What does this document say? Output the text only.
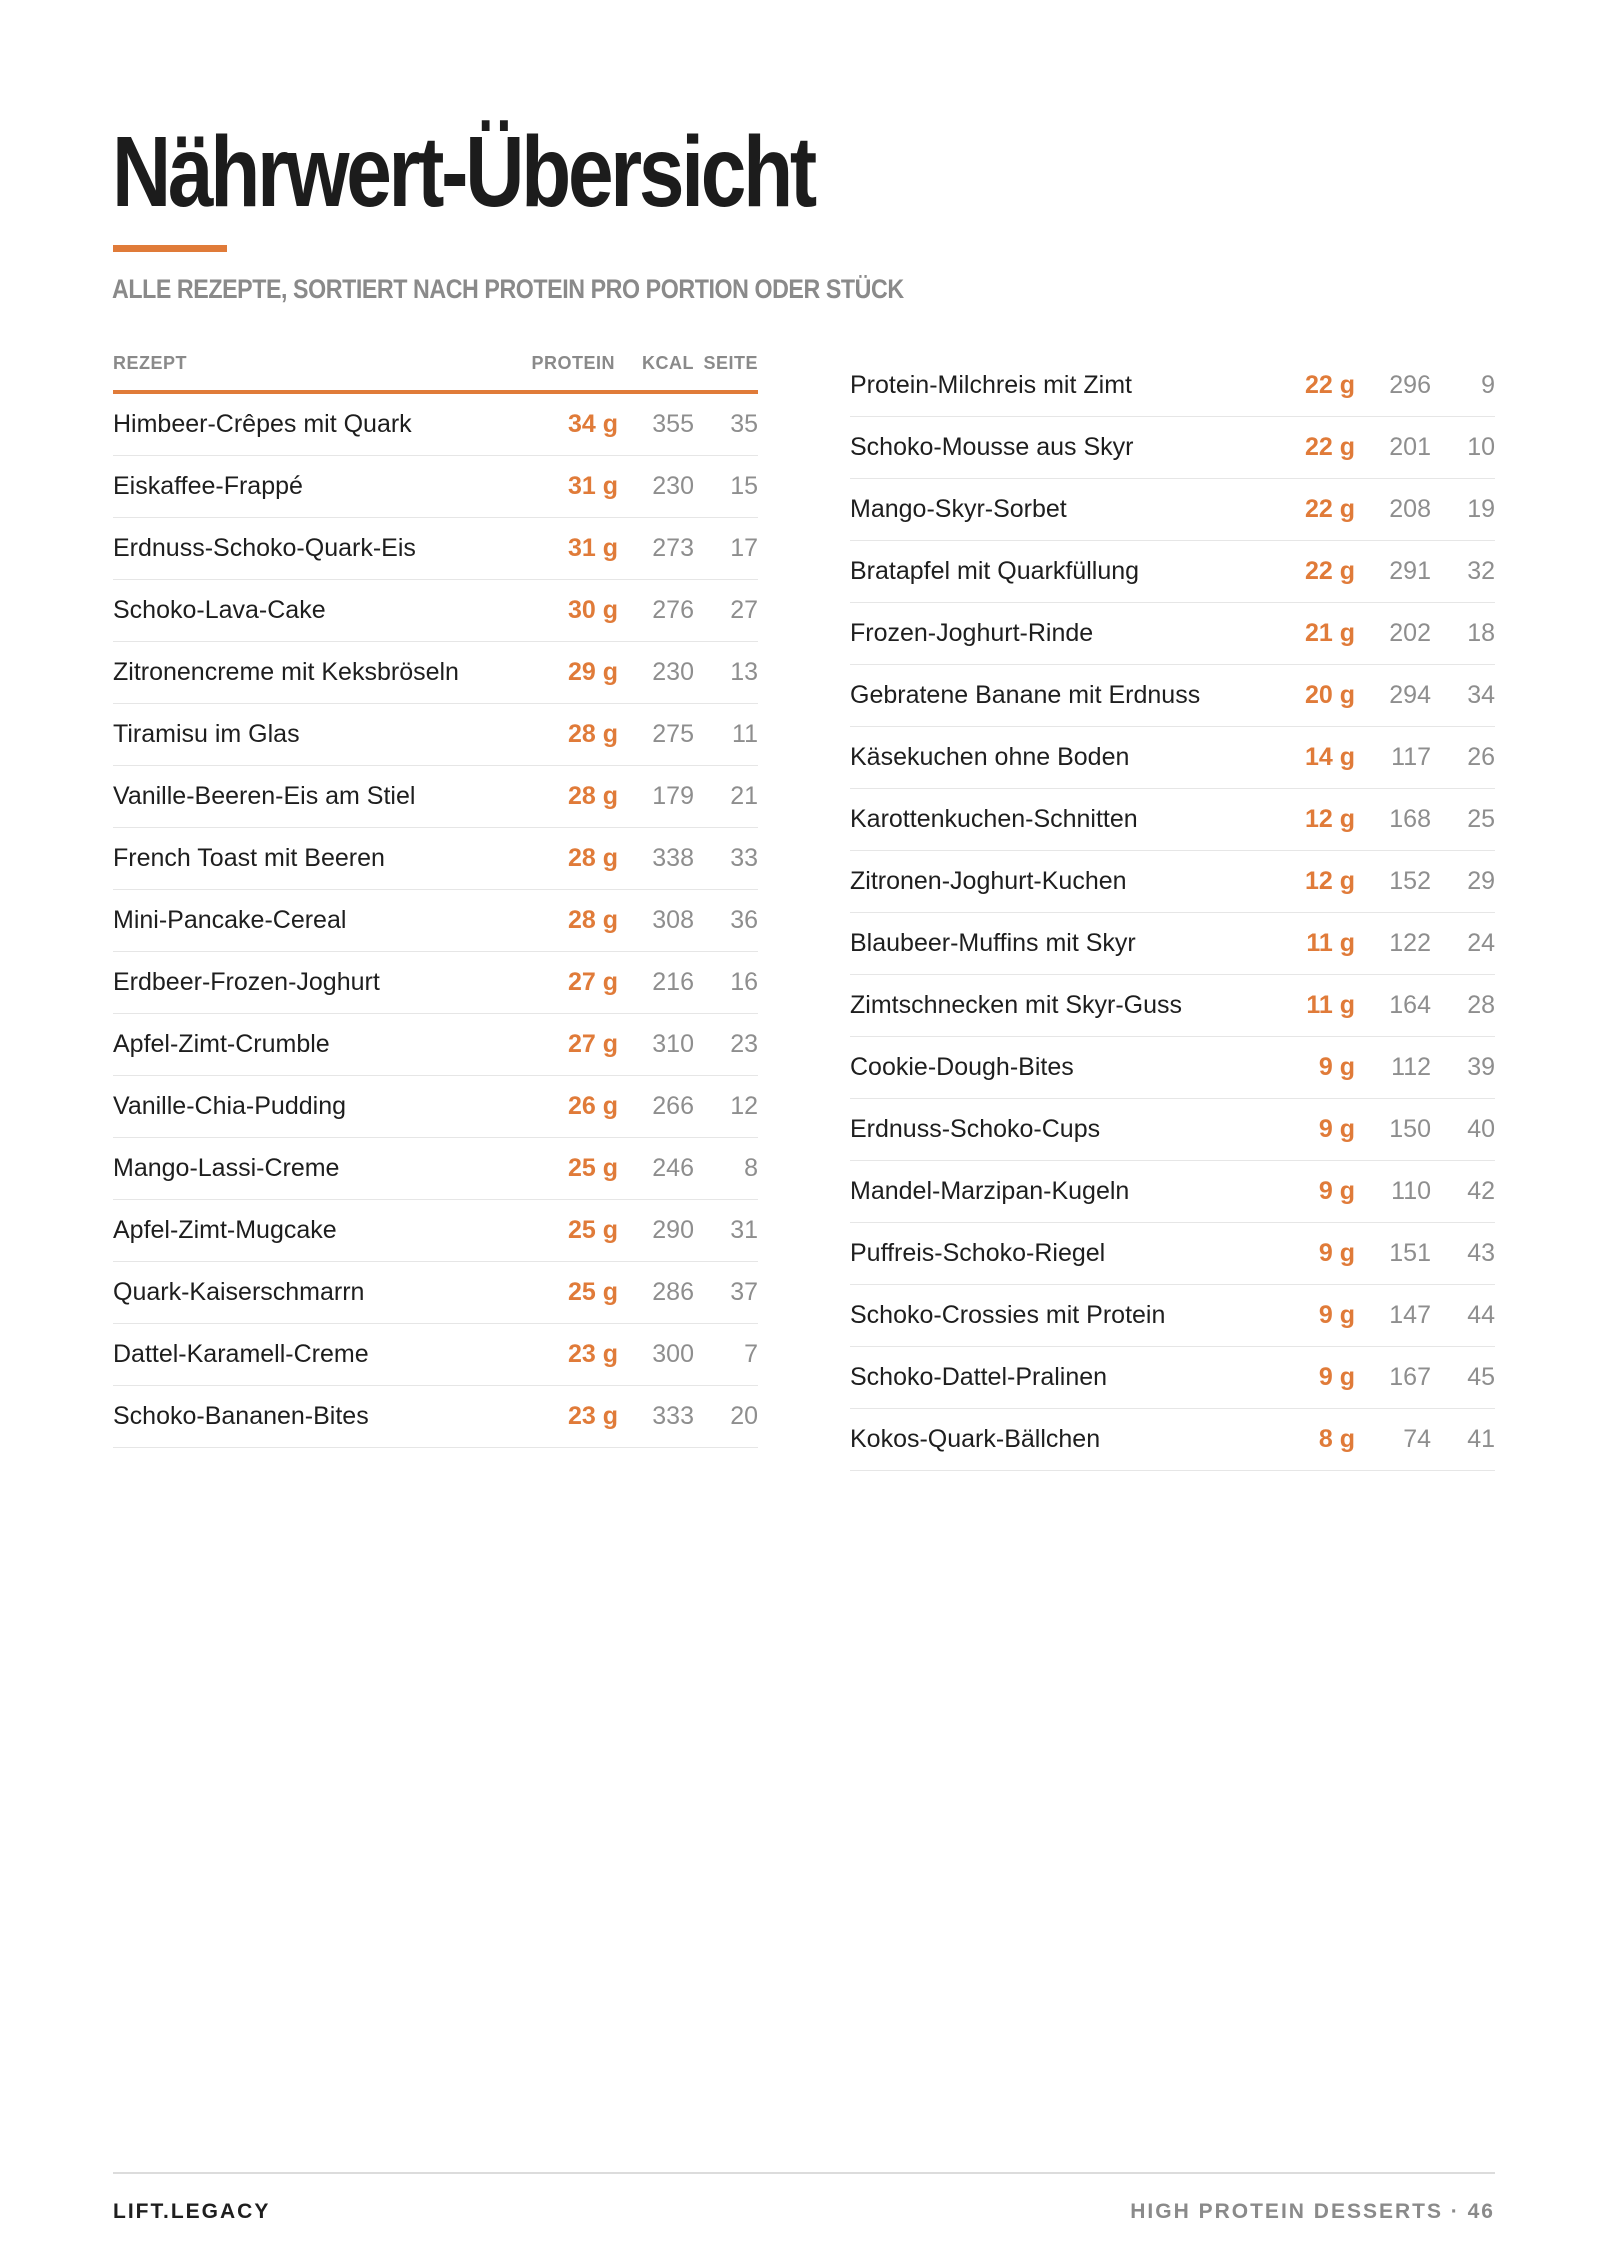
Nährwert-Übersicht
ALLE REZEPTE, SORTIERT NACH PROTEIN PRO PORTION ODER STÜCK
REZEPT	PROTEIN KCAL SEITE
Himbeer-Crêpes mit Quark	34 g 355 35
Eiskaffee-Frappé	31 g 230 15
Erdnuss-Schoko-Quark-Eis	31 g 273 17
Schoko-Lava-Cake	30 g 276 27
Zitronencreme mit Keksbröseln	29 g 230 13
Tiramisu im Glas	28 g 275 11
Vanille-Beeren-Eis am Stiel	28 g 179 21
French Toast mit Beeren	28 g 338 33
Mini-Pancake-Cereal	28 g 308 36
Erdbeer-Frozen-Joghurt	27 g 216 16
Apfel-Zimt-Crumble	27 g 310 23
Vanille-Chia-Pudding	26 g 266 12
Mango-Lassi-Creme	25 g 246 8
Apfel-Zimt-Mugcake	25 g 290 31
Quark-Kaiserschmarrn	25 g 286 37
Dattel-Karamell-Creme	23 g 300 7
Schoko-Bananen-Bites	23 g 333 20
Protein-Milchreis mit Zimt	22 g 296 9
Schoko-Mousse aus Skyr	22 g 201 10
Mango-Skyr-Sorbet	22 g 208 19
Bratapfel mit Quarkfüllung	22 g 291 32
Frozen-Joghurt-Rinde	21 g 202 18
Gebratene Banane mit Erdnuss	20 g 294 34
Käsekuchen ohne Boden	14 g 117 26
Karottenkuchen-Schnitten	12 g 168 25
Zitronen-Joghurt-Kuchen	12 g 152 29
Blaubeer-Muffins mit Skyr	11 g 122 24
Zimtschnecken mit Skyr-Guss	11 g 164 28
Cookie-Dough-Bites	9 g 112 39
Erdnuss-Schoko-Cups	9 g 150 40
Mandel-Marzipan-Kugeln	9 g 110 42
Puffreis-Schoko-Riegel	9 g 151 43
Schoko-Crossies mit Protein	9 g 147 44
Schoko-Dattel-Pralinen	9 g 167 45
Kokos-Quark-Bällchen	8 g 74 41
LIFT.LEGACY	HIGH PROTEIN DESSERTS · 46
